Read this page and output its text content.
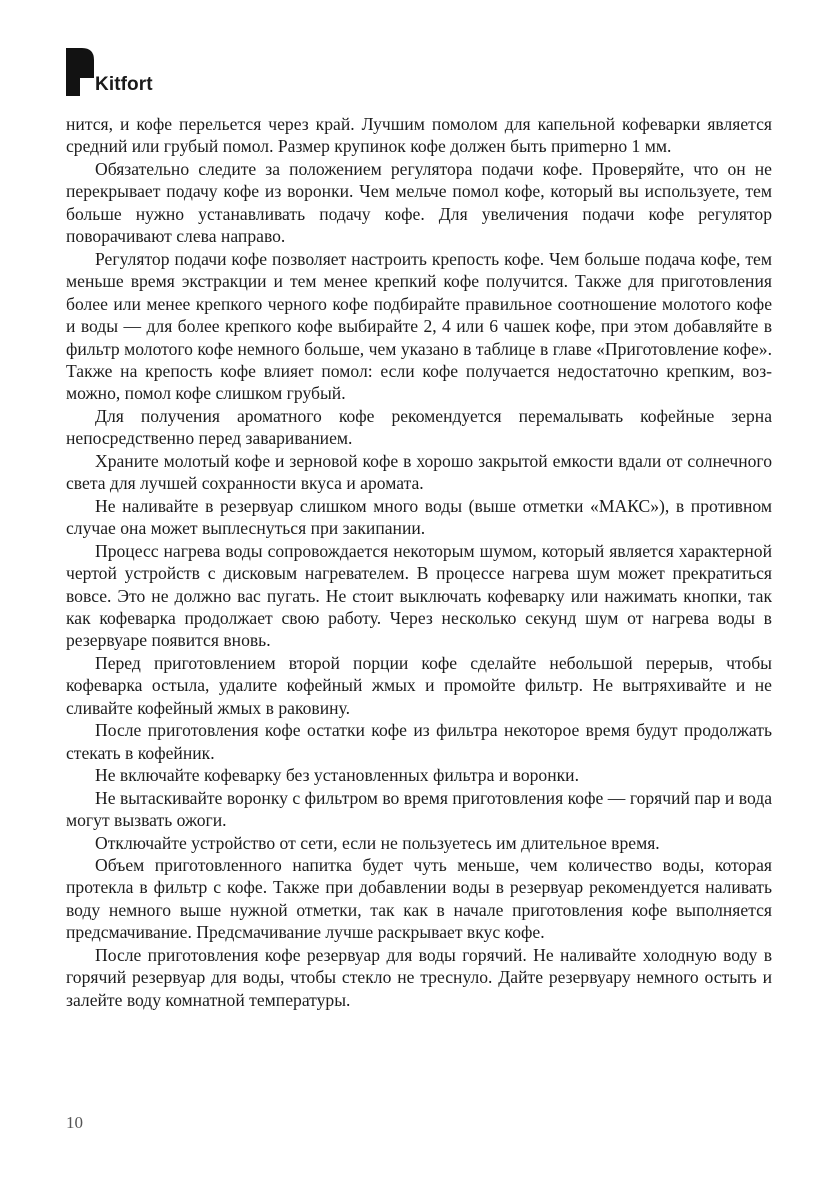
Kitfort

нится, и кофе перельется через край. Лучшим помолом для капельной кофеварки является средний или грубый помол. Размер крупинок кофе должен быть приmерно 1 мм.

Обязательно следите за положением регулятора подачи кофе. Проверяйте, что он не перекрывает подачу кофе из воронки. Чем мельче помол кофе, который вы используете, тем больше нужно устанавливать подачу кофе. Для увеличения подачи кофе регулятор поворачивают слева направо.

Регулятор подачи кофе позволяет настроить крепость кофе. Чем больше подача кофе, тем меньше время экстракции и тем менее крепкий кофе получится. Также для приготовления более или менее крепкого черного кофе подбирайте правильное соотношение молотого кофе и воды — для более крепкого кофе выбирайте 2, 4 или 6 чашек кофе, при этом добавляйте в фильтр молотого кофе немного больше, чем указано в таблице в главе «Приготовление кофе». Также на крепость кофе влияет помол: если кофе получается недостаточно крепким, возможно, помол кофе слишком грубый.

Для получения ароматного кофе рекомендуется перемалывать кофейные зерна непосредственно перед завариванием.

Храните молотый кофе и зерновой кофе в хорошо закрытой емкости вдали от солнечного света для лучшей сохранности вкуса и аромата.

Не наливайте в резервуар слишком много воды (выше отметки «МАКС»), в противном случае она может выплеснуться при закипании.

Процесс нагрева воды сопровождается некоторым шумом, который является характерной чертой устройств с дисковым нагревателем. В процессе нагрева шум может прекратиться вовсе. Это не должно вас пугать. Не стоит выключать кофеварку или нажимать кнопки, так как кофеварка продолжает свою работу. Через несколько секунд шум от нагрева воды в резервуаре появится вновь.

Перед приготовлением второй порции кофе сделайте небольшой перерыв, чтобы кофеварка остыла, удалите кофейный жмых и промойте фильтр. Не вытряхивайте и не сливайте кофейный жмых в раковину.

После приготовления кофе остатки кофе из фильтра некоторое время будут продолжать стекать в кофейник.

Не включайте кофеварку без установленных фильтра и воронки.

Не вытаскивайте воронку с фильтром во время приготовления кофе — горячий пар и вода могут вызвать ожоги.

Отключайте устройство от сети, если не пользуетесь им длительное время.

Объем приготовленного напитка будет чуть меньше, чем количество воды, которая протекла в фильтр с кофе. Также при добавлении воды в резервуар рекомендуется наливать воду немного выше нужной отметки, так как в начале приготовления кофе выполняется предсмачивание. Предсмачивание лучше раскрывает вкус кофе.

После приготовления кофе резервуар для воды горячий. Не наливайте холодную воду в горячий резервуар для воды, чтобы стекло не треснуло. Дайте резервуару немного остыть и залейте воду комнатной температуры.

10
